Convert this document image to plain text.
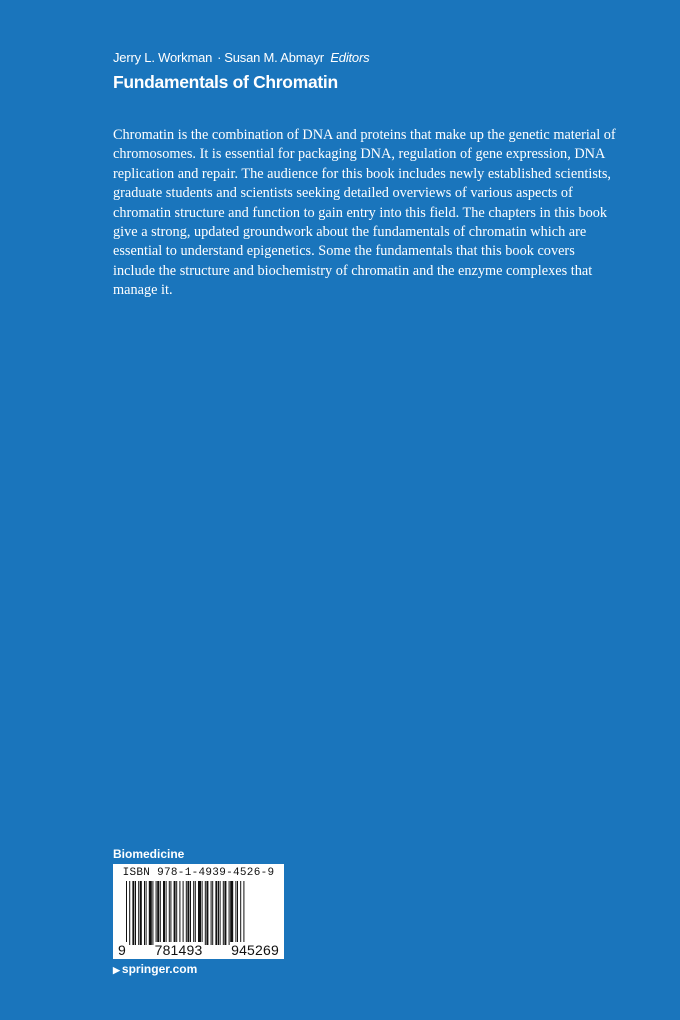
Jerry L. Workman · Susan M. Abmayr Editors
Fundamentals of Chromatin

Chromatin is the combination of DNA and proteins that make up the genetic material of chromosomes. It is essential for packaging DNA, regulation of gene expression, DNA replication and repair. The audience for this book includes newly established scientists, graduate students and scientists seeking detailed overviews of various aspects of chromatin structure and function to gain entry into this field. The chapters in this book give a strong, updated groundwork about the fundamentals of chromatin which are essential to understand epigenetics. Some the fundamentals that this book covers include the structure and biochemistry of chromatin and the enzyme complexes that manage it.

Biomedicine
ISBN 978-1-4939-4526-9
9 781493 945269
▶ springer.com
